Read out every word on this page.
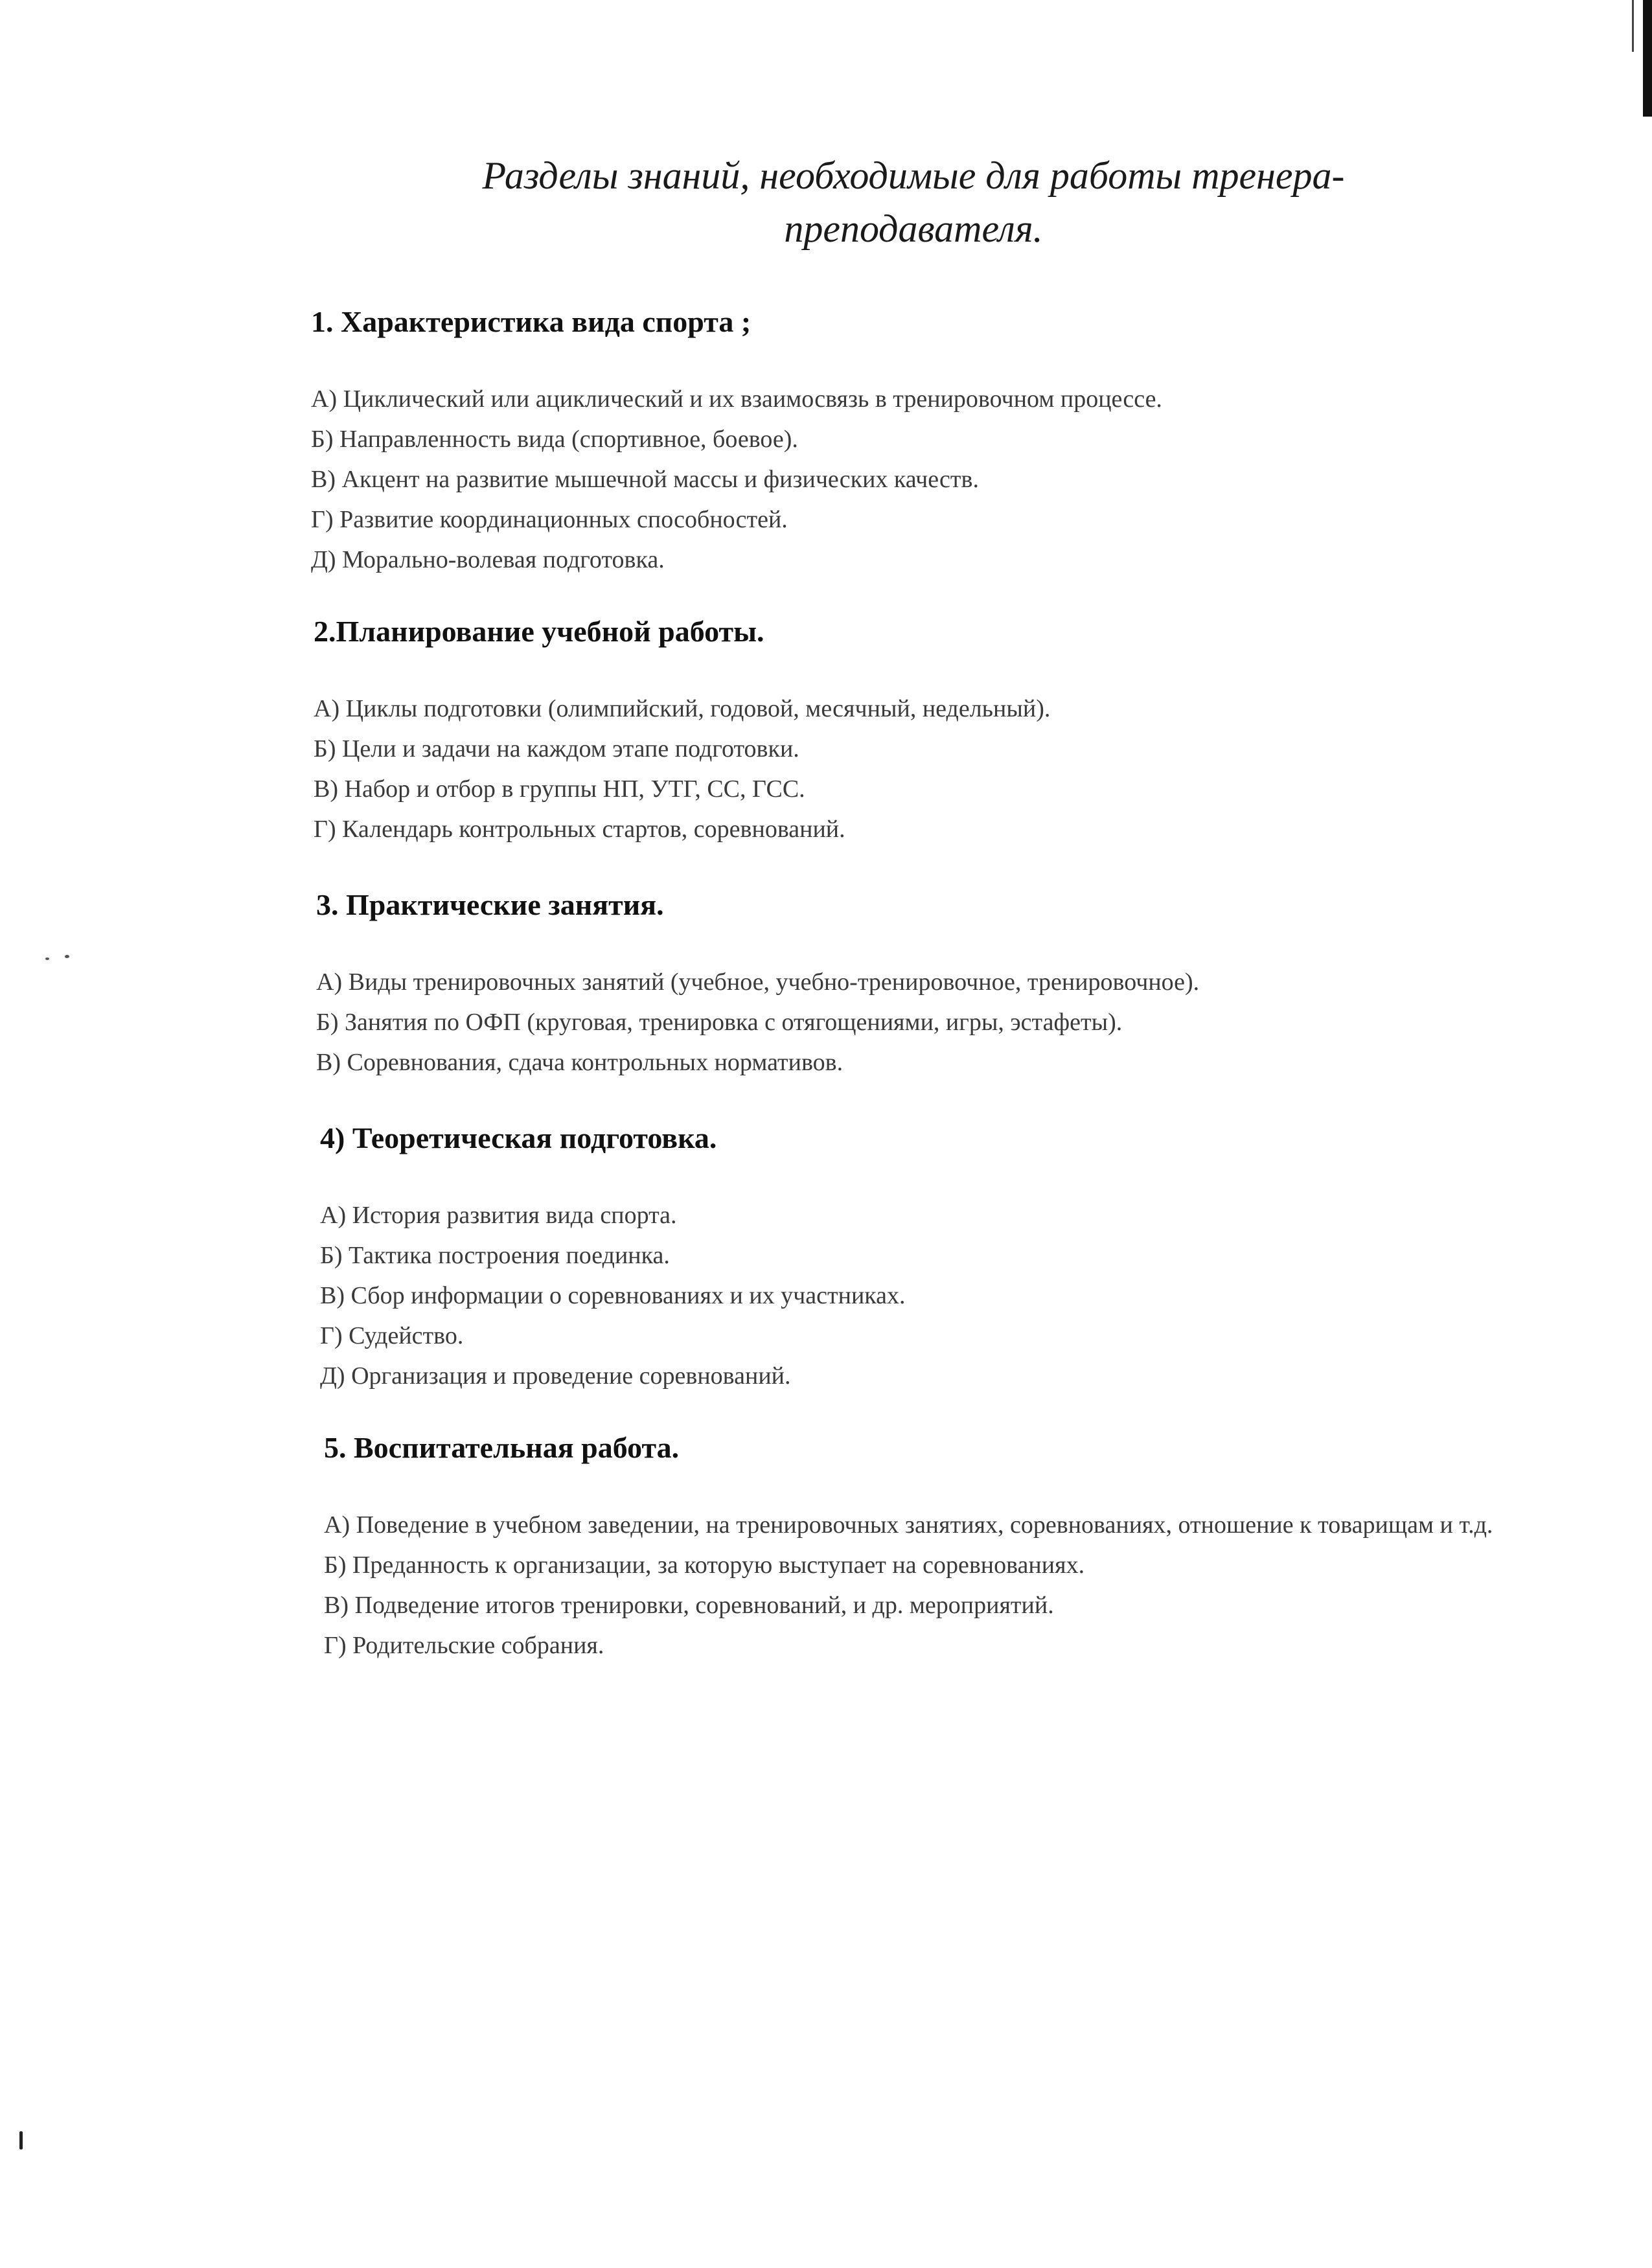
Разделы знаний, необходимые для работы тренера-преподавателя.
1. Характеристика вида спорта ;
А) Циклический или ациклический и их взаимосвязь в тренировочном процессе.
Б) Направленность вида (спортивное, боевое).
В) Акцент на развитие мышечной массы и физических качеств.
Г) Развитие координационных способностей.
Д) Морально-волевая подготовка.
2.Планирование учебной работы.
А) Циклы подготовки (олимпийский, годовой, месячный, недельный).
Б) Цели и задачи на каждом этапе подготовки.
В) Набор и отбор в группы НП, УТГ, СС, ГСС.
Г) Календарь контрольных стартов, соревнований.
3. Практические занятия.
А) Виды тренировочных занятий (учебное, учебно-тренировочное, тренировочное).
Б) Занятия по ОФП (круговая, тренировка с отягощениями, игры, эстафеты).
В) Соревнования, сдача контрольных нормативов.
4) Теоретическая подготовка.
А) История развития вида спорта.
Б) Тактика построения поединка.
В) Сбор информации о соревнованиях и их участниках.
Г) Судейство.
Д) Организация и проведение соревнований.
5. Воспитательная работа.
А) Поведение в учебном заведении, на тренировочных занятиях, соревнованиях, отношение к товарищам и т.д.
Б) Преданность к организации, за которую выступает на соревнованиях.
В) Подведение итогов тренировки, соревнований, и др. мероприятий.
Г) Родительские собрания.
